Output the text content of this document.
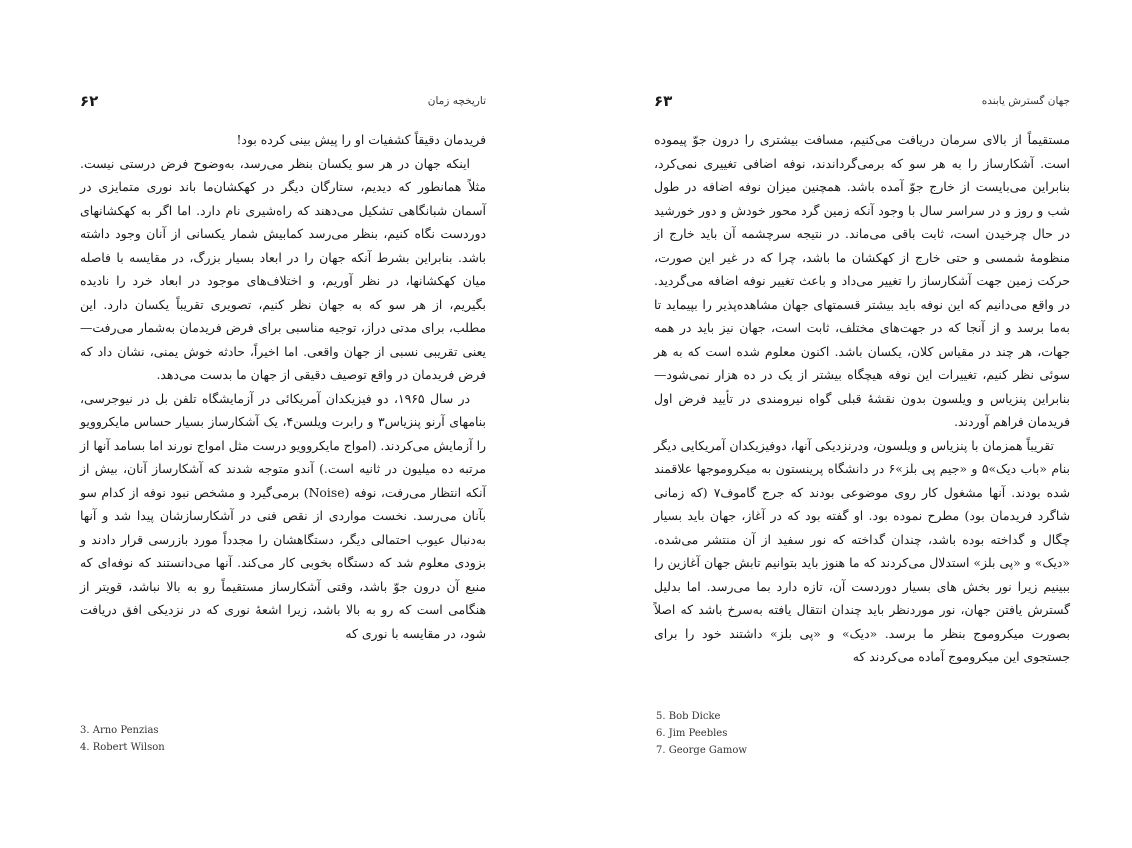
۶۲	تاریخچه زمان

فریدمان دقیقاً کشفیات او را پیش بینی کرده بود!

اینکه جهان در هر سو یکسان بنظر می‌رسد، به‌وضوح فرض درستی نیست. مثلاً همانطور که دیدیم، ستارگان دیگر در کهکشان‌ما باند نوری متمایزی در آسمان شبانگاهی تشکیل می‌دهند که راه‌شیری نام دارد. اما اگر به کهکشانهای دوردست نگاه کنیم، بنظر می‌رسد کمابیش شمار یکسانی از آنان وجود داشته باشد. بنابراین بشرط آنکه جهان را در ابعاد بسیار بزرگ، در مقایسه با فاصله میان کهکشانها، در نظر آوریم، و اختلاف‌های موجود در ابعاد خرد را نادیده بگیریم، از هر سو که به جهان نظر کنیم، تصویری تقریباً یکسان دارد. این مطلب، برای مدتی دراز، توجیه مناسبی برای فرض فریدمان به‌شمار می‌رفت—یعنی تقریبی نسبی از جهان واقعی. اما اخیراً، حادثه خوش یمنی، نشان داد که فرض فریدمان در واقع توصیف دقیقی از جهان ما بدست می‌دهد.

در سال ۱۹۶۵، دو فیزیکدان آمریکائی در آزمایشگاه تلفن بل در نیوجرسی، بنامهای آرنو پنزیاس۳ و رابرت ویلسن۴، یک آشکارساز بسیار حساس مایکروویو را آزمایش می‌کردند. (امواج مایکروویو درست مثل امواج نورند اما بسامد آنها از مرتبه ده میلیون در ثانیه است.) آندو متوجه شدند که آشکارساز آنان، بیش از آنکه انتظار می‌رفت، نوفه (Noise) برمی‌گیرد و مشخص نبود نوفه از کدام سو بآنان می‌رسد. نخست مواردی از نقص فنی در آشکارسازشان پیدا شد و آنها به‌دنبال عیوب احتمالی دیگر، دستگاهشان را مجدداً مورد بازرسی قرار دادند و بزودی معلوم شد که دستگاه بخوبی کار می‌کند. آنها می‌دانستند که نوفه‌ای که منبع آن درون جوّ باشد، وقتی آشکارساز مستقیماً رو به بالا نباشد، قویتر از هنگامی است که رو به بالا باشد، زیرا اشعهٔ نوری که در نزدیکی افق دریافت شود، در مقایسه با نوری که

3. Arno Penzias
4. Robert Wilson
۶۳	جهان گسترش یابنده

مستقیماً از بالای سرمان دریافت می‌کنیم، مسافت بیشتری را درون جوّ پیموده است. آشکارساز را به هر سو که برمی‌گرداندند، نوفه اضافی تغییری نمی‌کرد، بنابراین می‌بایست از خارج جوّ آمده باشد. همچنین میزان نوفه اضافه در طول شب و روز و در سراسر سال با وجود آنکه زمین گرد محور خودش و دور خورشید در حال چرخیدن است، ثابت باقی می‌ماند. در نتیجه سرچشمه آن باید خارج از منظومهٔ شمسی و حتی خارج از کهکشان ما باشد، چرا که در غیر این صورت، حرکت زمین جهت آشکارساز را تغییر می‌داد و باعث تغییر نوفه اضافه می‌گردید. در واقع می‌دانیم که این نوفه باید بیشتر قسمتهای جهان مشاهده‌پذیر را بپیماید تا به‌ما برسد و از آنجا که در جهت‌های مختلف، ثابت است، جهان نیز باید در همه جهات، هر چند در مقیاس کلان، یکسان باشد. اکنون معلوم شده است که به هر سوئی نظر کنیم، تغییرات این نوفه هیچگاه بیشتر از یک در ده هزار نمی‌شود—بنابراین پنزیاس و ویلسون بدون نقشهٔ قبلی گواه نیرومندی در تأیید فرض اول فریدمان فراهم آوردند.

تقریباً همزمان با پنزیاس و ویلسون، ودرنزدیکی آنها، دوفیزیکدان آمریکایی دیگر بنام «باب دیک»۵ و «جیم پی بلز»۶ در دانشگاه پرینستون به میکروموجها علاقمند شده بودند. آنها مشغول کار روی موضوعی بودند که جرج گاموف۷ (که زمانی شاگرد فریدمان بود) مطرح نموده بود. او گفته بود که در آغاز، جهان باید بسیار چگال و گداخته بوده باشد، چندان گداخته که نور سفید از آن منتشر می‌شده. «دیک» و «پی بلز» استدلال می‌کردند که ما هنوز باید بتوانیم تابش جهان آغازین را ببینیم زیرا نور بخش های بسیار دوردست آن، تازه دارد بما می‌رسد. اما بدلیل گسترش یافتن جهان، نور موردنظر باید چندان انتقال یافته به‌سرخ باشد که اصلاً بصورت میکروموج بنظر ما برسد. «دیک» و «پی بلز» داشتند خود را برای جستجوی این میکروموج آماده می‌کردند که

5. Bob Dicke
6. Jim Peebles
7. George Gamow
